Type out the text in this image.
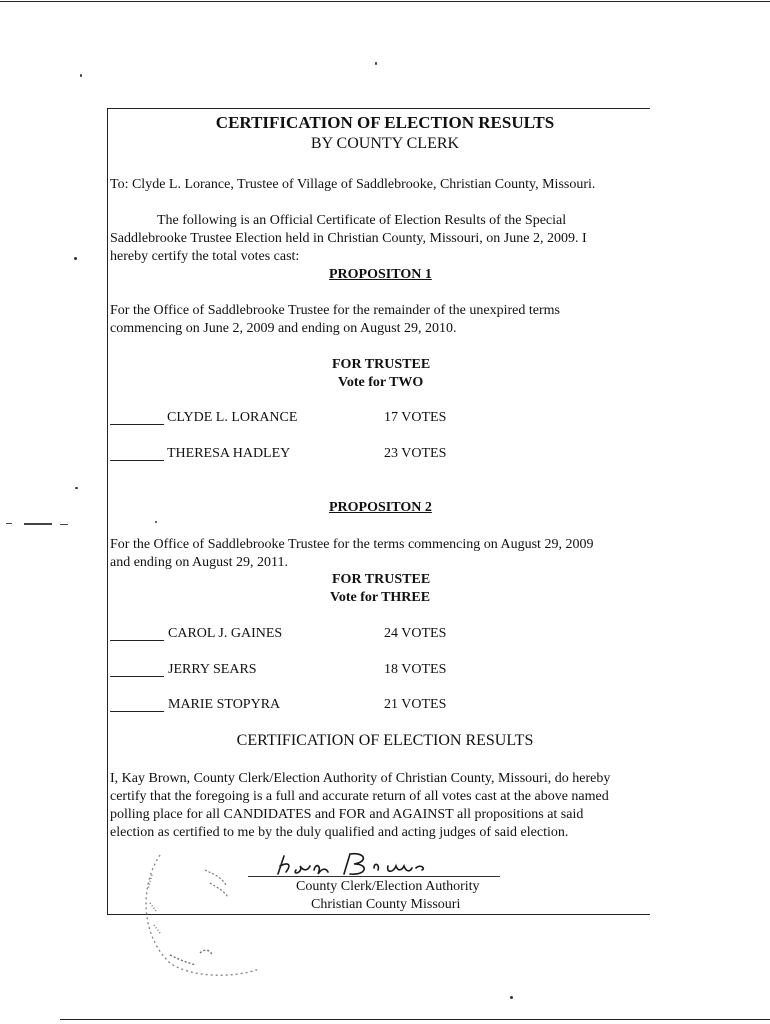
CERTIFICATION OF ELECTION RESULTS
BY COUNTY CLERK
To: Clyde L. Lorance, Trustee of Village of Saddlebrooke, Christian County, Missouri.
The following is an Official Certificate of Election Results of the Special
Saddlebrooke Trustee Election held in Christian County, Missouri, on June 2, 2009. I
hereby certify the total votes cast:
PROPOSITON 1
For the Office of Saddlebrooke Trustee for the remainder of the unexpired terms
commencing on June 2, 2009 and ending on August 29, 2010.
FOR TRUSTEE
Vote for TWO
CLYDE L. LORANCE	17 VOTES
THERESA HADLEY	23 VOTES
PROPOSITON 2
For the Office of Saddlebrooke Trustee for the terms commencing on August 29, 2009
and ending on August 29, 2011.
FOR TRUSTEE
Vote for THREE
CAROL J. GAINES	24 VOTES
JERRY SEARS	18 VOTES
MARIE STOPYRA	21 VOTES
CERTIFICATION OF ELECTION RESULTS
I, Kay Brown, County Clerk/Election Authority of Christian County, Missouri, do hereby
certify that the foregoing is a full and accurate return of all votes cast at the above named
polling place for all CANDIDATES and FOR and AGAINST all propositions at said
election as certified to me by the duly qualified and acting judges of said election.
County Clerk/Election Authority
Christian County Missouri
